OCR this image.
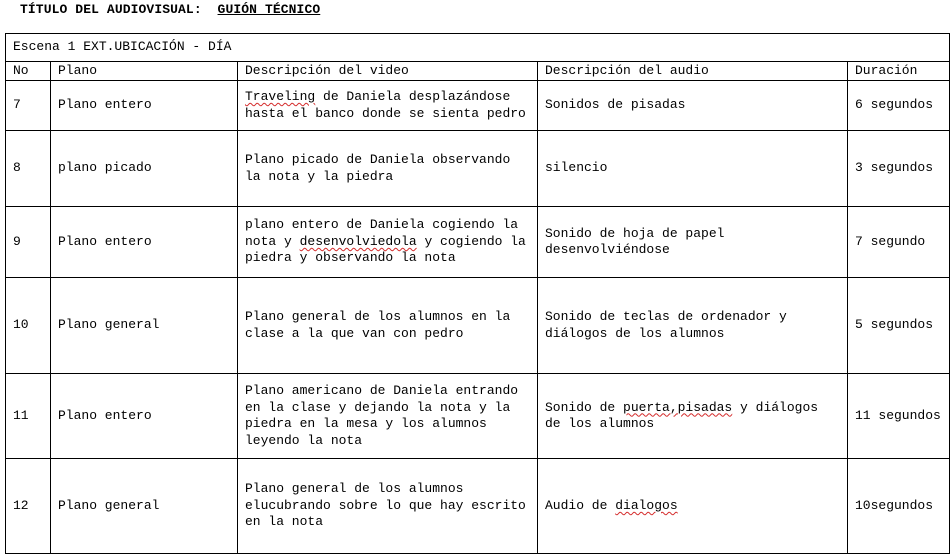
TÍTULO DEL AUDIOVISUAL: GUIÓN TÉCNICO
Escena 1 EXT.UBICACIÓN - DÍA				
No	Plano	Descripción del video	Descripción del audio	Duración
7	Plano entero	Traveling de Daniela desplazándose hasta el banco donde se sienta pedro	Sonidos de pisadas	6 segundos
8	plano picado	Plano picado de Daniela observando la nota y la piedra	silencio	3 segundos
9	Plano entero	plano entero de Daniela cogiendo la nota y desenvolviedola y cogiendo la piedra y observando la nota	Sonido de hoja de papel desenvolviéndose	7 segundo
10	Plano general	Plano general de los alumnos en la clase a la que van con pedro	Sonido de teclas de ordenador y diálogos de los alumnos	5 segundos
11	Plano entero	Plano americano de Daniela entrando en la clase y dejando la nota y la piedra en la mesa y los alumnos leyendo la nota	Sonido de puerta,pisadas y diálogos de los alumnos	11 segundos
12	Plano general	Plano general de los alumnos elucubrando sobre lo que hay escrito en la nota	Audio de dialogos	10segundos
